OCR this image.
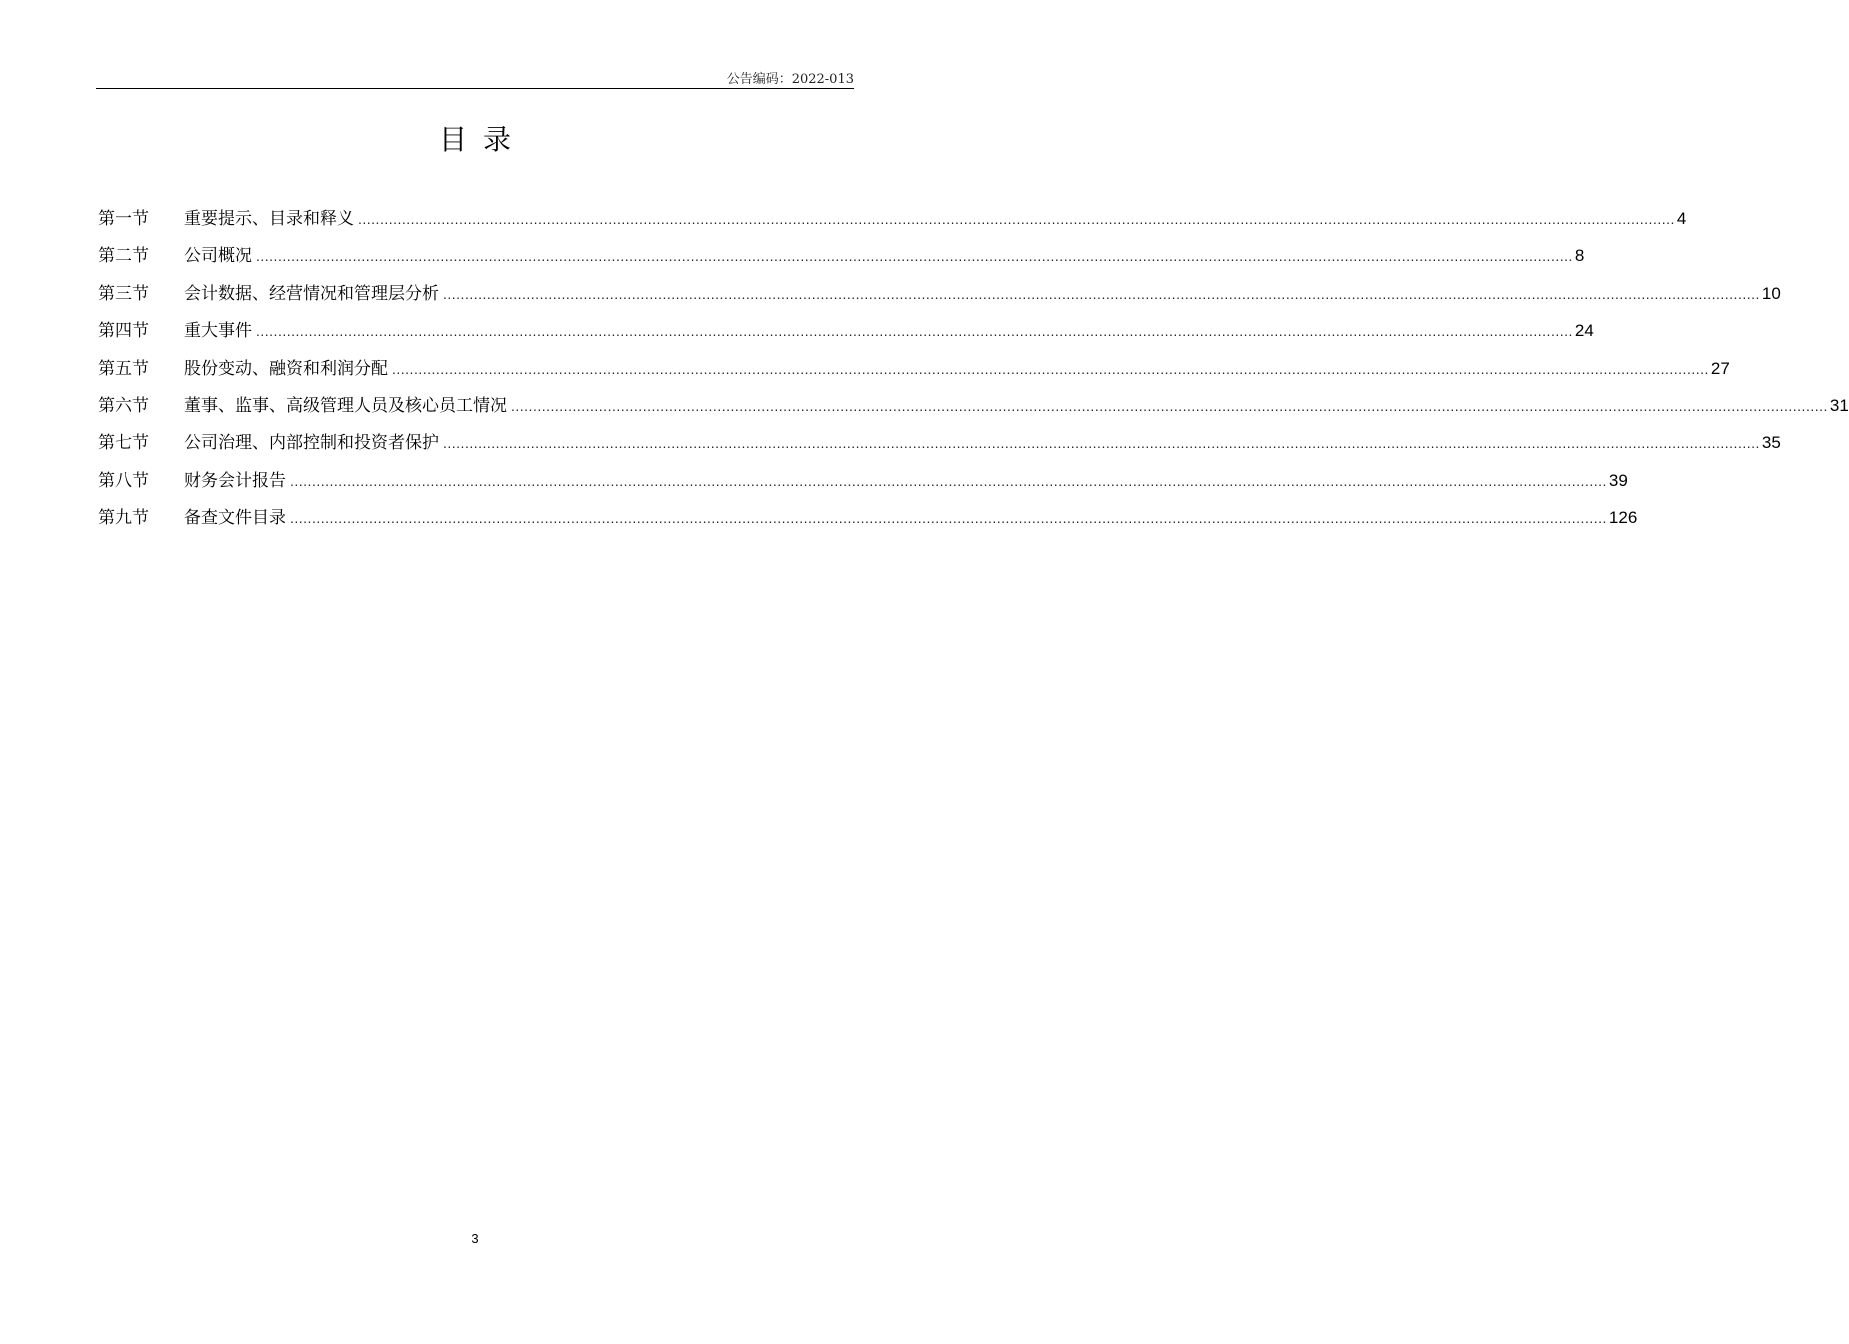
公告编码：2022-013
目录
第一节	重要提示、目录和释义 ............................................................................................................................................................................................................................................................................................................ 4
第二节	公司概况 ............................................................................................................................................................................................................................................................................................................ 8
第三节	会计数据、经营情况和管理层分析 ............................................................................................................................................................................................................................................................................................................ 10
第四节	重大事件 ............................................................................................................................................................................................................................................................................................................ 24
第五节	股份变动、融资和利润分配 ............................................................................................................................................................................................................................................................................................................ 27
第六节	董事、监事、高级管理人员及核心员工情况 ............................................................................................................................................................................................................................................................................................................ 31
第七节	公司治理、内部控制和投资者保护 ............................................................................................................................................................................................................................................................................................................ 35
第八节	财务会计报告 ............................................................................................................................................................................................................................................................................................................ 39
第九节	备查文件目录 ............................................................................................................................................................................................................................................................................................................ 126
3
